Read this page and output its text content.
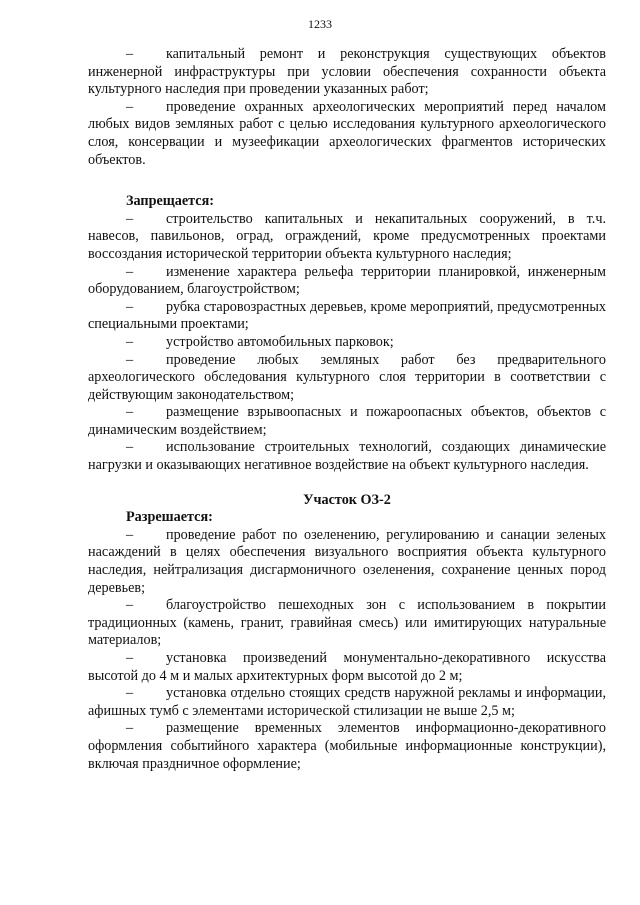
1233

– капитальный ремонт и реконструкция существующих объектов инженерной инфраструктуры при условии обеспечения сохранности объекта культурного наследия при проведении указанных работ;

– проведение охранных археологических мероприятий перед началом любых видов земляных работ с целью исследования культурного археологического слоя, консервации и музеефикации археологических фрагментов исторических объектов.

Запрещается:

– строительство капитальных и некапитальных сооружений, в т.ч. навесов, павильонов, оград, ограждений, кроме предусмотренных проектами воссоздания исторической территории объекта культурного наследия;

– изменение характера рельефа территории планировкой, инженерным оборудованием, благоустройством;

– рубка старовозрастных деревьев, кроме мероприятий, предусмотренных специальными проектами;

– устройство автомобильных парковок;

– проведение любых земляных работ без предварительного археологического обследования культурного слоя территории в соответствии с действующим законодательством;

– размещение взрывоопасных и пожароопасных объектов, объектов с динамическим воздействием;

– использование строительных технологий, создающих динамические нагрузки и оказывающих негативное воздействие на объект культурного наследия.

Участок ОЗ-2

Разрешается:

– проведение работ по озеленению, регулированию и санации зеленых насаждений в целях обеспечения визуального восприятия объекта культурного наследия, нейтрализация дисгармоничного озеленения, сохранение ценных пород деревьев;

– благоустройство пешеходных зон с использованием в покрытии традиционных (камень, гранит, гравийная смесь) или имитирующих натуральные материалов;

– установка произведений монументально-декоративного искусства высотой до 4 м и малых архитектурных форм высотой до 2 м;

– установка отдельно стоящих средств наружной рекламы и информации, афишных тумб с элементами исторической стилизации не выше 2,5 м;

– размещение временных элементов информационно-декоративного оформления событийного характера (мобильные информационные конструкции), включая праздничное оформление;
